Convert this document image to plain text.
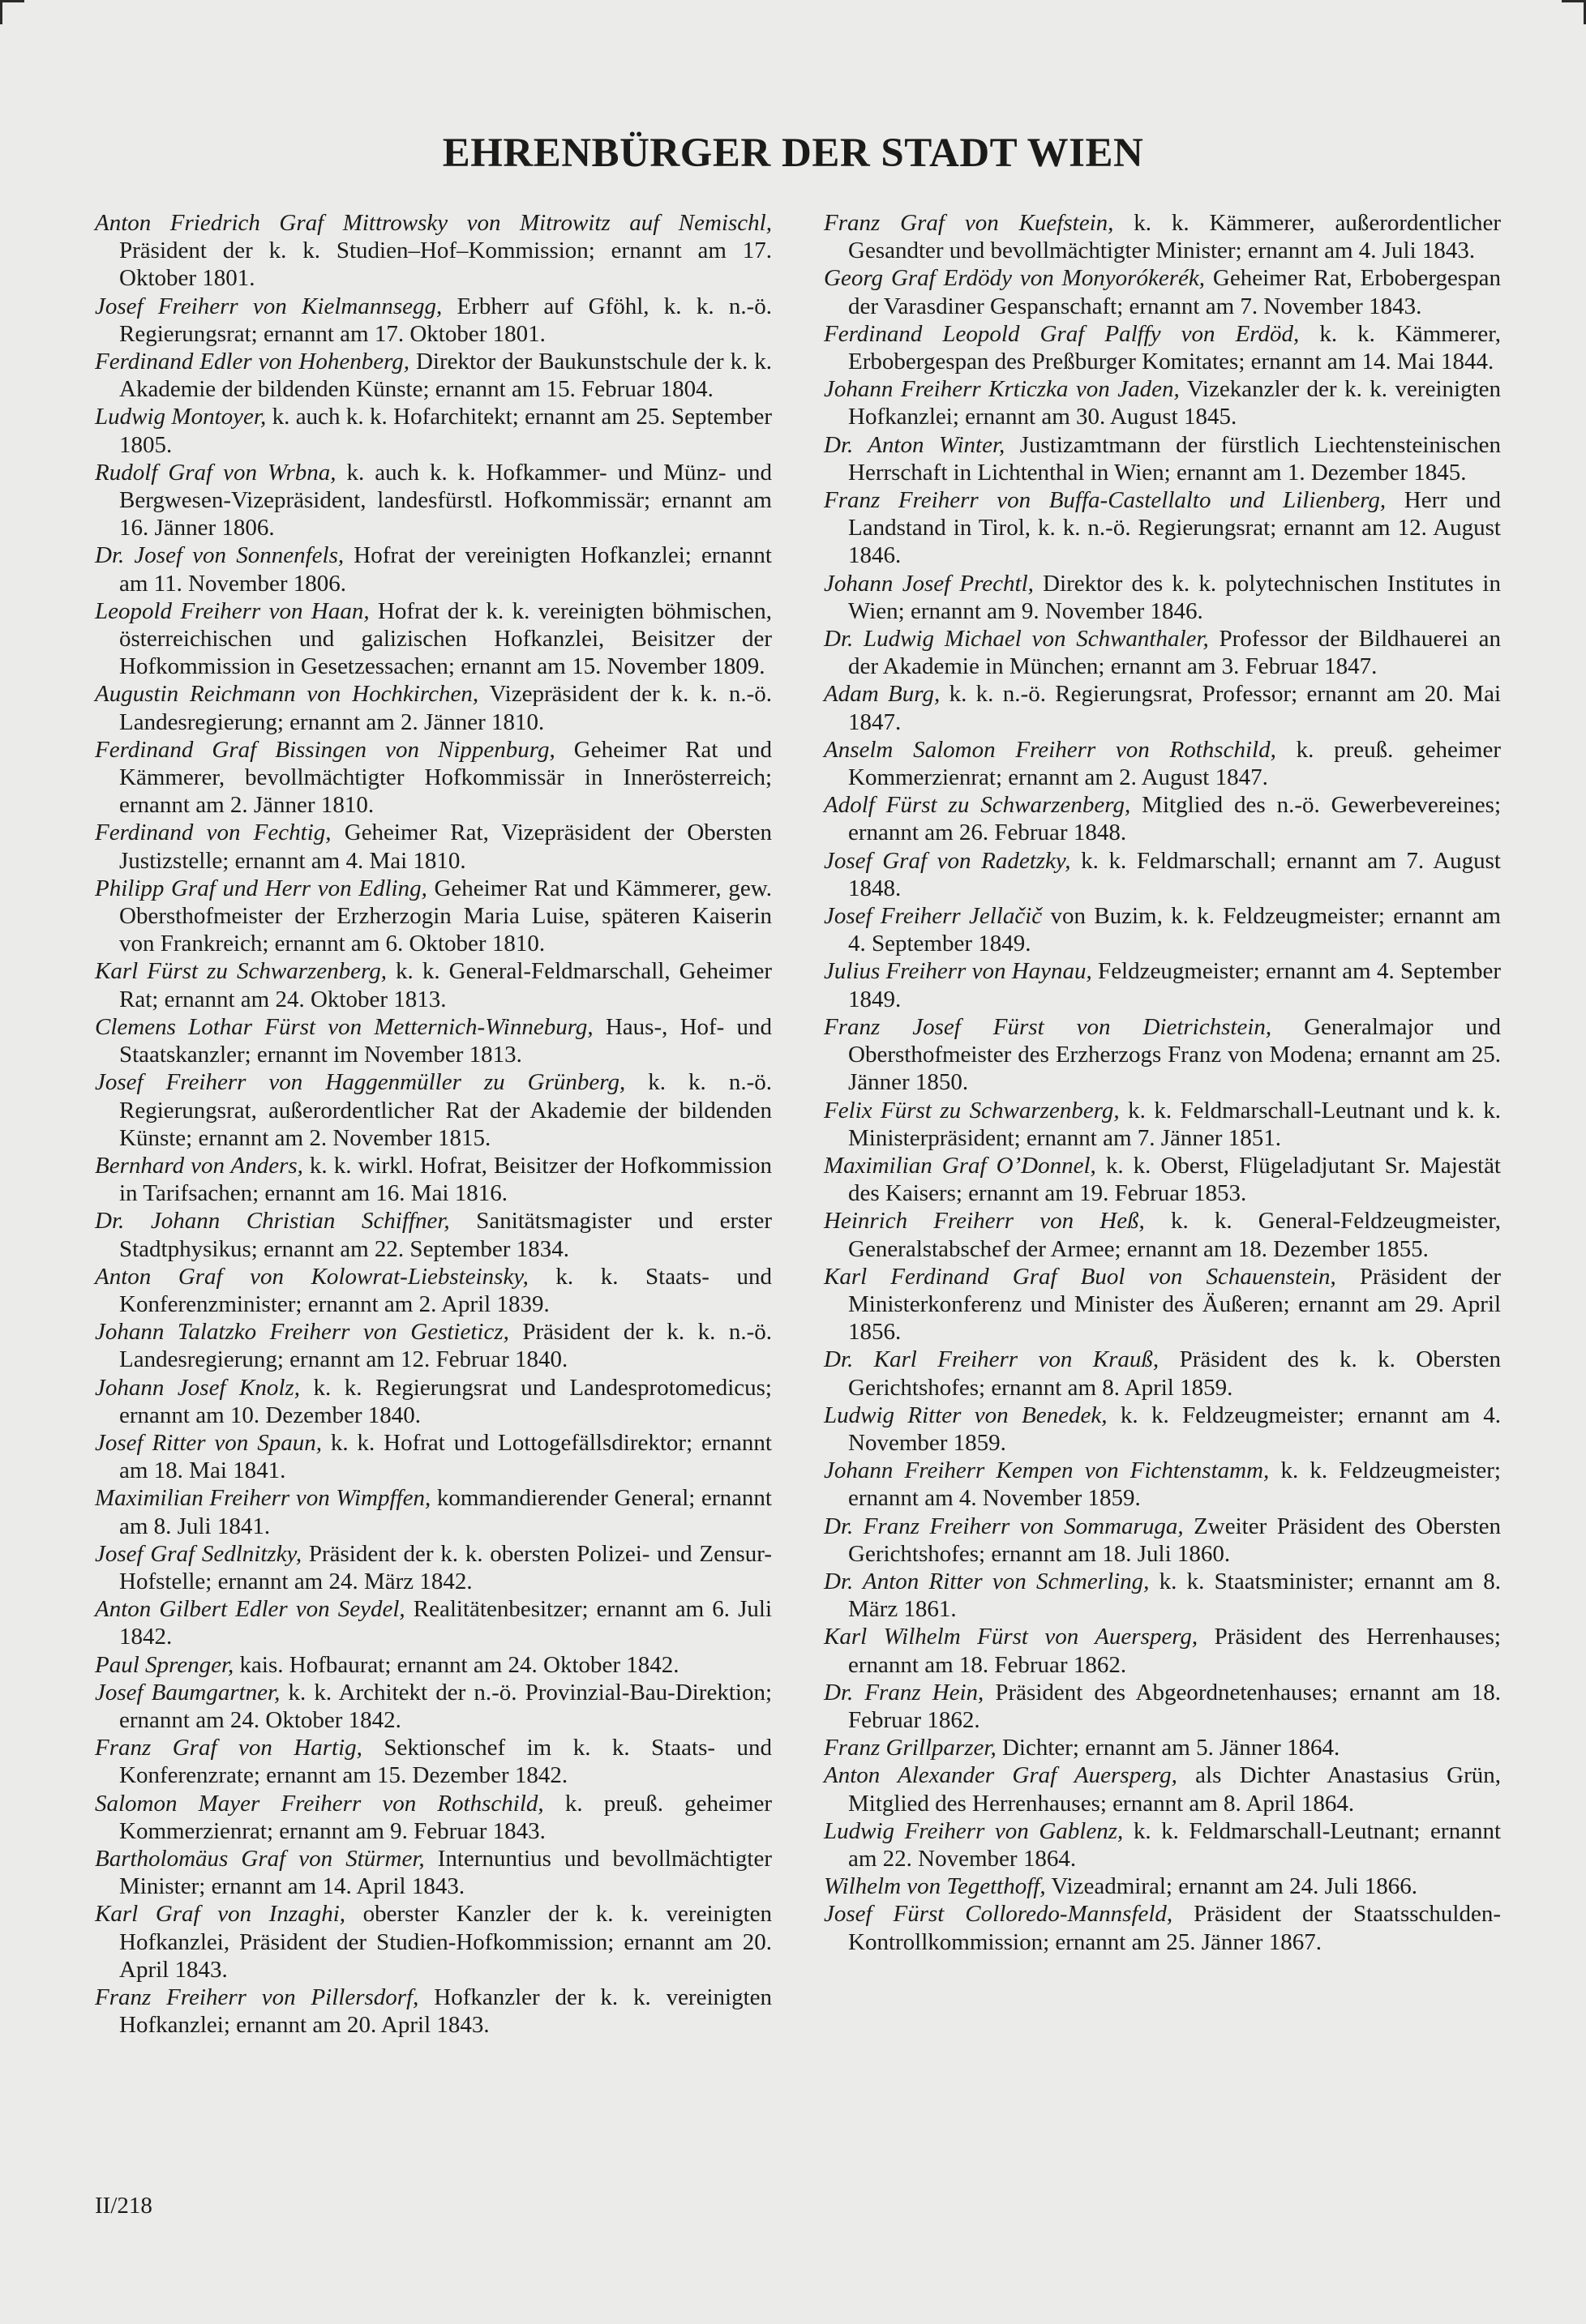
EHRENBÜRGER DER STADT WIEN

Anton Friedrich Graf Mittrowsky von Mitrowitz auf Nemischl, Präsident der k. k. Studien–Hof–Kommission; ernannt am 17. Oktober 1801.

Josef Freiherr von Kielmannsegg, Erbherr auf Gföhl, k. k. n.-ö. Regierungsrat; ernannt am 17. Oktober 1801.

Ferdinand Edler von Hohenberg, Direktor der Baukunstschule der k. k. Akademie der bildenden Künste; ernannt am 15. Februar 1804.

Ludwig Montoyer, k. auch k. k. Hofarchitekt; ernannt am 25. September 1805.

Rudolf Graf von Wrbna, k. auch k. k. Hofkammer- und Münz- und Bergwesen-Vizepräsident, landesfürstl. Hofkommissär; ernannt am 16. Jänner 1806.

Dr. Josef von Sonnenfels, Hofrat der vereinigten Hofkanzlei; ernannt am 11. November 1806.

Leopold Freiherr von Haan, Hofrat der k. k. vereinigten böhmischen, österreichischen und galizischen Hofkanzlei, Beisitzer der Hofkommission in Gesetzessachen; ernannt am 15. November 1809.

Augustin Reichmann von Hochkirchen, Vizepräsident der k. k. n.-ö. Landesregierung; ernannt am 2. Jänner 1810.

Ferdinand Graf Bissingen von Nippenburg, Geheimer Rat und Kämmerer, bevollmächtigter Hofkommissär in Innerösterreich; ernannt am 2. Jänner 1810.

Ferdinand von Fechtig, Geheimer Rat, Vizepräsident der Obersten Justizstelle; ernannt am 4. Mai 1810.

Philipp Graf und Herr von Edling, Geheimer Rat und Kämmerer, gew. Obersthofmeister der Erzherzogin Maria Luise, späteren Kaiserin von Frankreich; ernannt am 6. Oktober 1810.

Karl Fürst zu Schwarzenberg, k. k. General-Feldmarschall, Geheimer Rat; ernannt am 24. Oktober 1813.

Clemens Lothar Fürst von Metternich-Winneburg, Haus-, Hof- und Staatskanzler; ernannt im November 1813.

Josef Freiherr von Haggenmüller zu Grünberg, k. k. n.-ö. Regierungsrat, außerordentlicher Rat der Akademie der bildenden Künste; ernannt am 2. November 1815.

Bernhard von Anders, k. k. wirkl. Hofrat, Beisitzer der Hofkommission in Tarifsachen; ernannt am 16. Mai 1816.

Dr. Johann Christian Schiffner, Sanitätsmagister und erster Stadtphysikus; ernannt am 22. September 1834.

Anton Graf von Kolowrat-Liebsteinsky, k. k. Staats- und Konferenzminister; ernannt am 2. April 1839.

Johann Talatzko Freiherr von Gestieticz, Präsident der k. k. n.-ö. Landesregierung; ernannt am 12. Februar 1840.

Johann Josef Knolz, k. k. Regierungsrat und Landesprotomedicus; ernannt am 10. Dezember 1840.

Josef Ritter von Spaun, k. k. Hofrat und Lottogefällsdirektor; ernannt am 18. Mai 1841.

Maximilian Freiherr von Wimpffen, kommandierender General; ernannt am 8. Juli 1841.

Josef Graf Sedlnitzky, Präsident der k. k. obersten Polizei- und Zensur-Hofstelle; ernannt am 24. März 1842.

Anton Gilbert Edler von Seydel, Realitätenbesitzer; ernannt am 6. Juli 1842.

Paul Sprenger, kais. Hofbaurat; ernannt am 24. Oktober 1842.

Josef Baumgartner, k. k. Architekt der n.-ö. Provinzial-Bau-Direktion; ernannt am 24. Oktober 1842.

Franz Graf von Hartig, Sektionschef im k. k. Staats- und Konferenzrate; ernannt am 15. Dezember 1842.

Salomon Mayer Freiherr von Rothschild, k. preuß. geheimer Kommerzienrat; ernannt am 9. Februar 1843.

Bartholomäus Graf von Stürmer, Internuntius und bevollmächtigter Minister; ernannt am 14. April 1843.

Karl Graf von Inzaghi, oberster Kanzler der k. k. vereinigten Hofkanzlei, Präsident der Studien-Hofkommission; ernannt am 20. April 1843.

Franz Freiherr von Pillersdorf, Hofkanzler der k. k. vereinigten Hofkanzlei; ernannt am 20. April 1843.

Franz Graf von Kuefstein, k. k. Kämmerer, außerordentlicher Gesandter und bevollmächtigter Minister; ernannt am 4. Juli 1843.

Georg Graf Erdödy von Monyorókerék, Geheimer Rat, Erbobergespan der Varasdiner Gespanschaft; ernannt am 7. November 1843.

Ferdinand Leopold Graf Palffy von Erdöd, k. k. Kämmerer, Erbobergespan des Preßburger Komitates; ernannt am 14. Mai 1844.

Johann Freiherr Krticzka von Jaden, Vizekanzler der k. k. vereinigten Hofkanzlei; ernannt am 30. August 1845.

Dr. Anton Winter, Justizamtmann der fürstlich Liechtensteinischen Herrschaft in Lichtenthal in Wien; ernannt am 1. Dezember 1845.

Franz Freiherr von Buffa-Castellalto und Lilienberg, Herr und Landstand in Tirol, k. k. n.-ö. Regierungsrat; ernannt am 12. August 1846.

Johann Josef Prechtl, Direktor des k. k. polytechnischen Institutes in Wien; ernannt am 9. November 1846.

Dr. Ludwig Michael von Schwanthaler, Professor der Bildhauerei an der Akademie in München; ernannt am 3. Februar 1847.

Adam Burg, k. k. n.-ö. Regierungsrat, Professor; ernannt am 20. Mai 1847.

Anselm Salomon Freiherr von Rothschild, k. preuß. geheimer Kommerzienrat; ernannt am 2. August 1847.

Adolf Fürst zu Schwarzenberg, Mitglied des n.-ö. Gewerbevereines; ernannt am 26. Februar 1848.

Josef Graf von Radetzky, k. k. Feldmarschall; ernannt am 7. August 1848.

Josef Freiherr Jellačič von Buzim, k. k. Feldzeugmeister; ernannt am 4. September 1849.

Julius Freiherr von Haynau, Feldzeugmeister; ernannt am 4. September 1849.

Franz Josef Fürst von Dietrichstein, Generalmajor und Obersthofmeister des Erzherzogs Franz von Modena; ernannt am 25. Jänner 1850.

Felix Fürst zu Schwarzenberg, k. k. Feldmarschall-Leutnant und k. k. Ministerpräsident; ernannt am 7. Jänner 1851.

Maximilian Graf O’Donnel, k. k. Oberst, Flügeladjutant Sr. Majestät des Kaisers; ernannt am 19. Februar 1853.

Heinrich Freiherr von Heß, k. k. General-Feldzeugmeister, Generalstabschef der Armee; ernannt am 18. Dezember 1855.

Karl Ferdinand Graf Buol von Schauenstein, Präsident der Ministerkonferenz und Minister des Äußeren; ernannt am 29. April 1856.

Dr. Karl Freiherr von Krauß, Präsident des k. k. Obersten Gerichtshofes; ernannt am 8. April 1859.

Ludwig Ritter von Benedek, k. k. Feldzeugmeister; ernannt am 4. November 1859.

Johann Freiherr Kempen von Fichtenstamm, k. k. Feldzeugmeister; ernannt am 4. November 1859.

Dr. Franz Freiherr von Sommaruga, Zweiter Präsident des Obersten Gerichtshofes; ernannt am 18. Juli 1860.

Dr. Anton Ritter von Schmerling, k. k. Staatsminister; ernannt am 8. März 1861.

Karl Wilhelm Fürst von Auersperg, Präsident des Herrenhauses; ernannt am 18. Februar 1862.

Dr. Franz Hein, Präsident des Abgeordnetenhauses; ernannt am 18. Februar 1862.

Franz Grillparzer, Dichter; ernannt am 5. Jänner 1864.

Anton Alexander Graf Auersperg, als Dichter Anastasius Grün, Mitglied des Herrenhauses; ernannt am 8. April 1864.

Ludwig Freiherr von Gablenz, k. k. Feldmarschall-Leutnant; ernannt am 22. November 1864.

Wilhelm von Tegetthoff, Vizeadmiral; ernannt am 24. Juli 1866.

Josef Fürst Colloredo-Mannsfeld, Präsident der Staatsschulden-Kontrollkommission; ernannt am 25. Jänner 1867.

II/218
